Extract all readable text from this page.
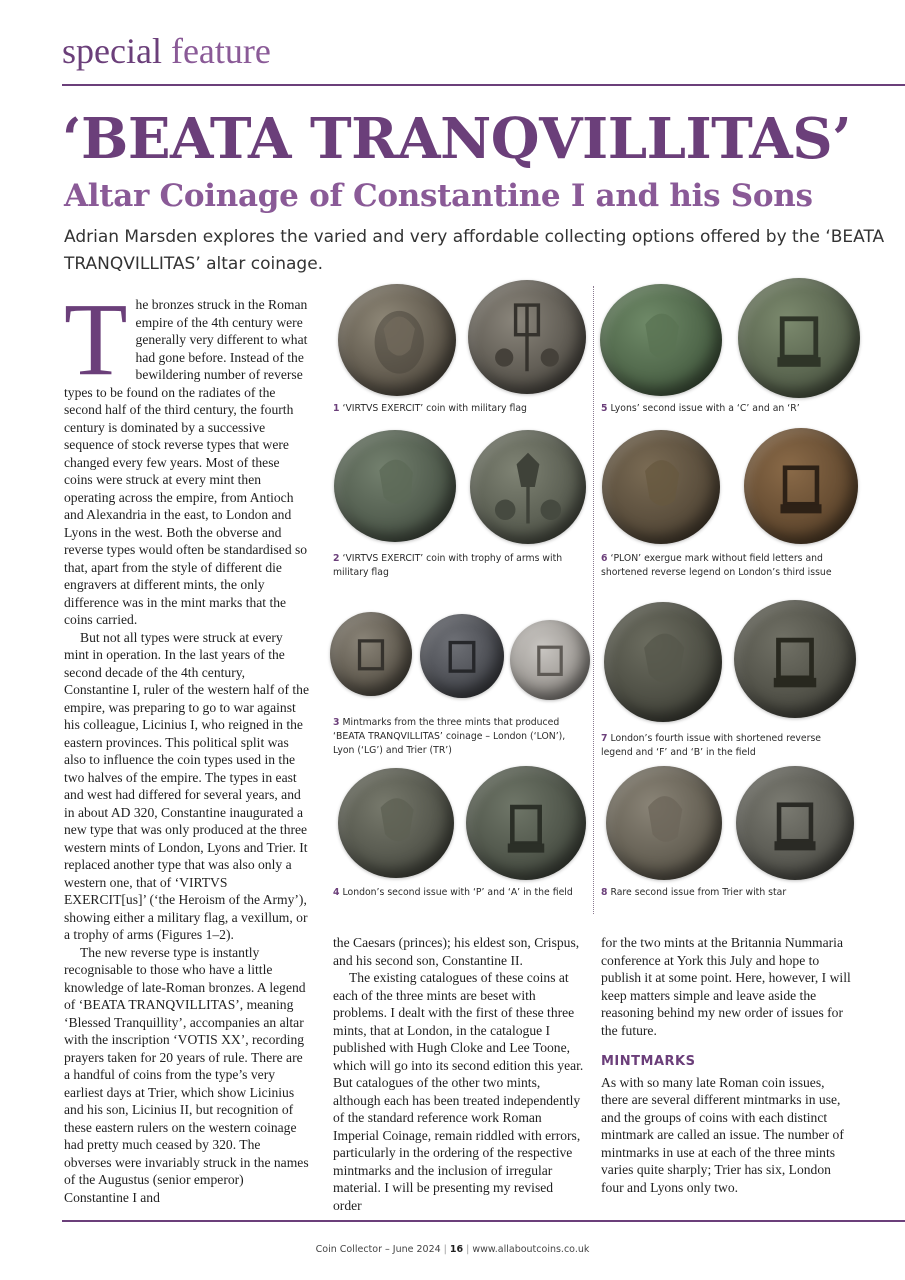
special feature
‘BEATA TRANQVILLITAS’
Altar Coinage of Constantine I and his Sons

Adrian Marsden explores the varied and very affordable collecting options offered by the ‘BEATA TRANQVILLITAS’ altar coinage.

The bronzes struck in the Roman empire of the 4th century were generally very different to what had gone before. Instead of the bewildering number of reverse types to be found on the radiates of the second half of the third century, the fourth century is dominated by a successive sequence of stock reverse types that were changed every few years. Most of these coins were struck at every mint then operating across the empire, from Antioch and Alexandria in the east, to London and Lyons in the west. Both the obverse and reverse types would often be standardised so that, apart from the style of different die engravers at different mints, the only difference was in the mint marks that the coins carried.

But not all types were struck at every mint in operation. In the last years of the second decade of the 4th century, Constantine I, ruler of the western half of the empire, was preparing to go to war against his colleague, Licinius I, who reigned in the eastern provinces. This political split was also to influence the coin types used in the two halves of the empire. The types in east and west had differed for several years, and in about AD 320, Constantine inaugurated a new type that was only produced at the three western mints of London, Lyons and Trier. It replaced another type that was also only a western one, that of ‘VIRTVS EXERCIT[us]’ (‘the Heroism of the Army’), showing either a military flag, a vexillum, or a trophy of arms (Figures 1–2).

The new reverse type is instantly recognisable to those who have a little knowledge of late-Roman bronzes. A legend of ‘BEATA TRANQVILLITAS’, meaning ‘Blessed Tranquillity’, accompanies an altar with the inscription ‘VOTIS XX’, recording prayers taken for 20 years of rule. There are a handful of coins from the type’s very earliest days at Trier, which show Licinius and his son, Licinius II, but recognition of these eastern rulers on the western coinage had pretty much ceased by 320. The obverses were invariably struck in the names of the Augustus (senior emperor) Constantine I and

1 ‘VIRTVS EXERCIT’ coin with military flag
2 ‘VIRTVS EXERCIT’ coin with trophy of arms with military flag
3 Mintmarks from the three mints that produced ‘BEATA TRANQVILLITAS’ coinage – London (‘LON’), Lyon (‘LG’) and Trier (TR’)
4 London’s second issue with ‘P’ and ‘A’ in the field
5 Lyons’ second issue with a ‘C’ and an ‘R’
6 ‘PLON’ exergue mark without field letters and shortened reverse legend on London’s third issue
7 London’s fourth issue with shortened reverse legend and ‘F’ and ‘B’ in the field
8 Rare second issue from Trier with star

the Caesars (princes); his eldest son, Crispus, and his second son, Constantine II.

The existing catalogues of these coins at each of the three mints are beset with problems. I dealt with the first of these three mints, that at London, in the catalogue I published with Hugh Cloke and Lee Toone, which will go into its second edition this year. But catalogues of the other two mints, although each has been treated independently of the standard reference work Roman Imperial Coinage, remain riddled with errors, particularly in the ordering of the respective mintmarks and the inclusion of irregular material. I will be presenting my revised order

for the two mints at the Britannia Nummaria conference at York this July and hope to publish it at some point. Here, however, I will keep matters simple and leave aside the reasoning behind my new order of issues for the future.

MINTMARKS

As with so many late Roman coin issues, there are several different mintmarks in use, and the groups of coins with each distinct mintmark are called an issue. The number of mintmarks in use at each of the three mints varies quite sharply; Trier has six, London four and Lyons only two.

Coin Collector – June 2024 | 16 | www.allaboutcoins.co.uk
